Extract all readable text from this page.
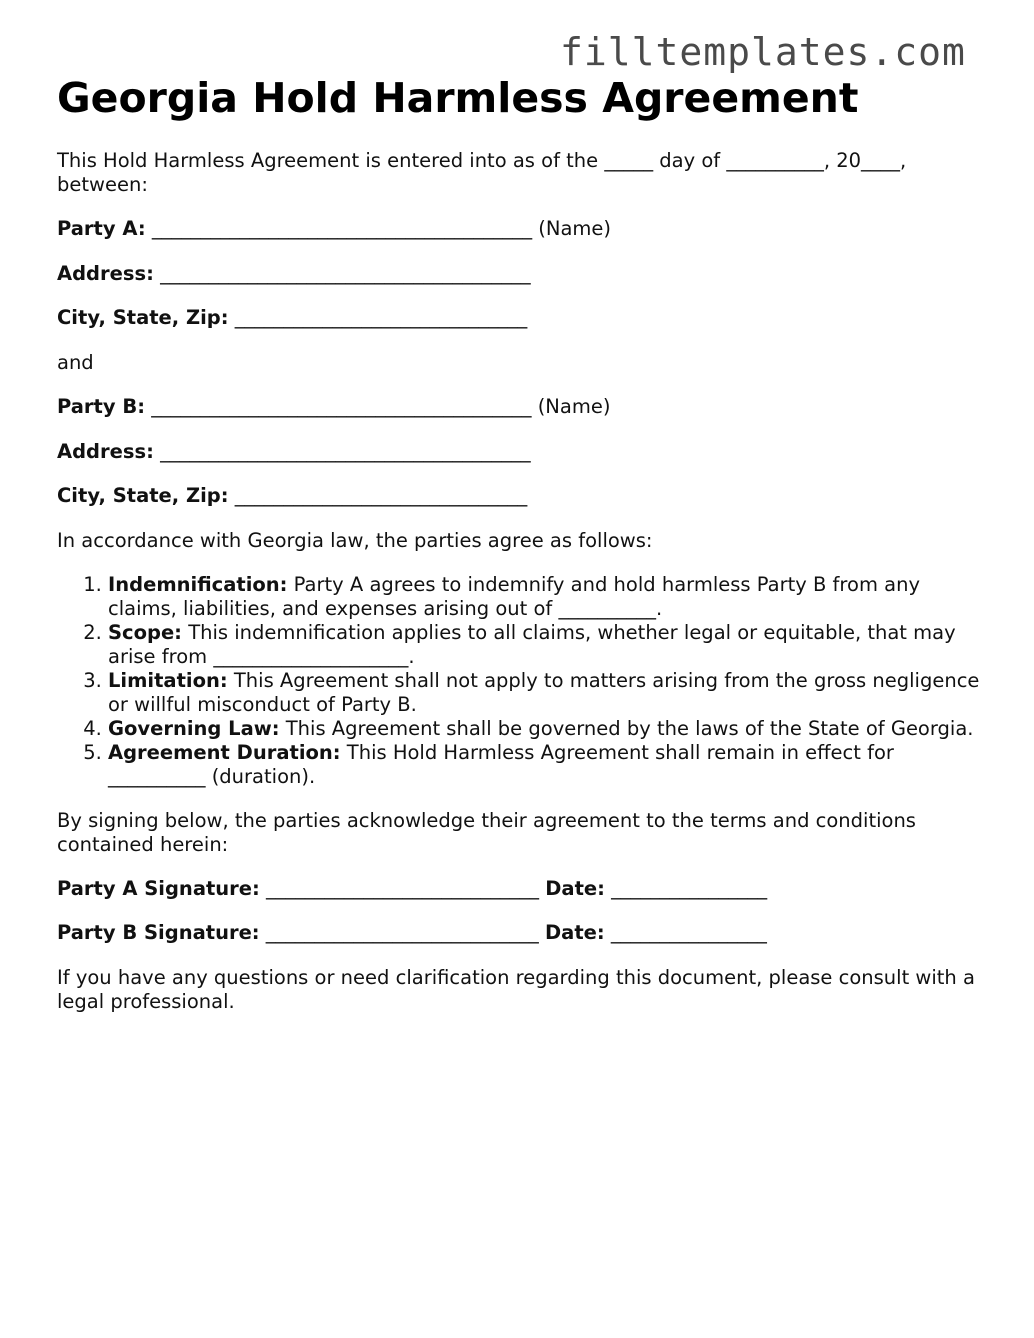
filltemplates.com
Georgia Hold Harmless Agreement

This Hold Harmless Agreement is entered into as of the _____ day of __________, 20____, between:

Party A: _______________________________________ (Name)

Address: ______________________________________

City, State, Zip: ______________________________

and

Party B: _______________________________________ (Name)

Address: ______________________________________

City, State, Zip: ______________________________

In accordance with Georgia law, the parties agree as follows:

1. Indemnification: Party A agrees to indemnify and hold harmless Party B from any claims, liabilities, and expenses arising out of __________.
2. Scope: This indemnification applies to all claims, whether legal or equitable, that may arise from ____________________.
3. Limitation: This Agreement shall not apply to matters arising from the gross negligence or willful misconduct of Party B.
4. Governing Law: This Agreement shall be governed by the laws of the State of Georgia.
5. Agreement Duration: This Hold Harmless Agreement shall remain in effect for __________ (duration).

By signing below, the parties acknowledge their agreement to the terms and conditions contained herein:

Party A Signature: ____________________________ Date: ________________

Party B Signature: ____________________________ Date: ________________

If you have any questions or need clarification regarding this document, please consult with a legal professional.
